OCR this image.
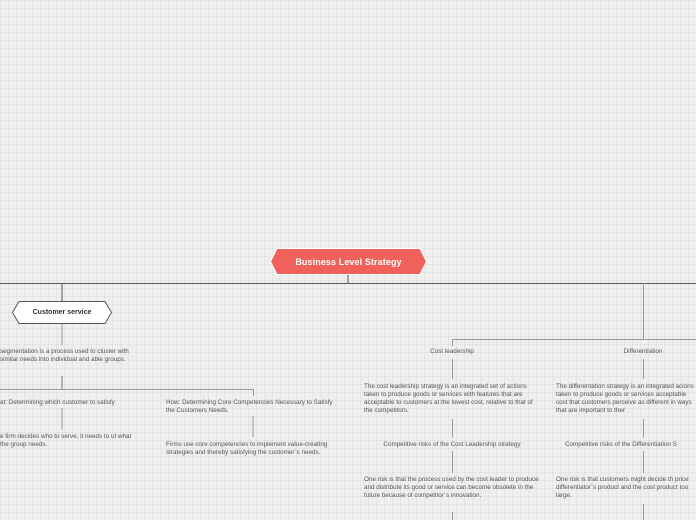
Business Level Strategy
Customer service
segmentation is a process used to cluster with similar needs into individual and able groups.
at: Determining which customer to satisfy
e firm decides who to serve, it needs to ut what the group needs.
How: Determining Core Competencies Necessary to Satisfy the Customers Needs.
Firms use core competencies to implement value-creating strategies and thereby satisfying the customer´s needs.
Cost leadership
The cost leadership strategy is an integrated set of actions taken to produce goods or services with features that are acceptable to customers at the lowest cost, relative to that of the competitors.
Competitive risks of the Cost Leadership strategy
One risk is that the process used by the cost leader to produce and distribute its good or service can become obsolete in the future because of competitor´s innovation.
Differentiation
The differentation strategy is an integrated acions taken to produce goods or services acceptable cost that customers perceive as different in ways that are important to ther
Competitive risks of the Differentiation S
One risk is that customers might decide th price differentiator´s product and the cost product too large.
